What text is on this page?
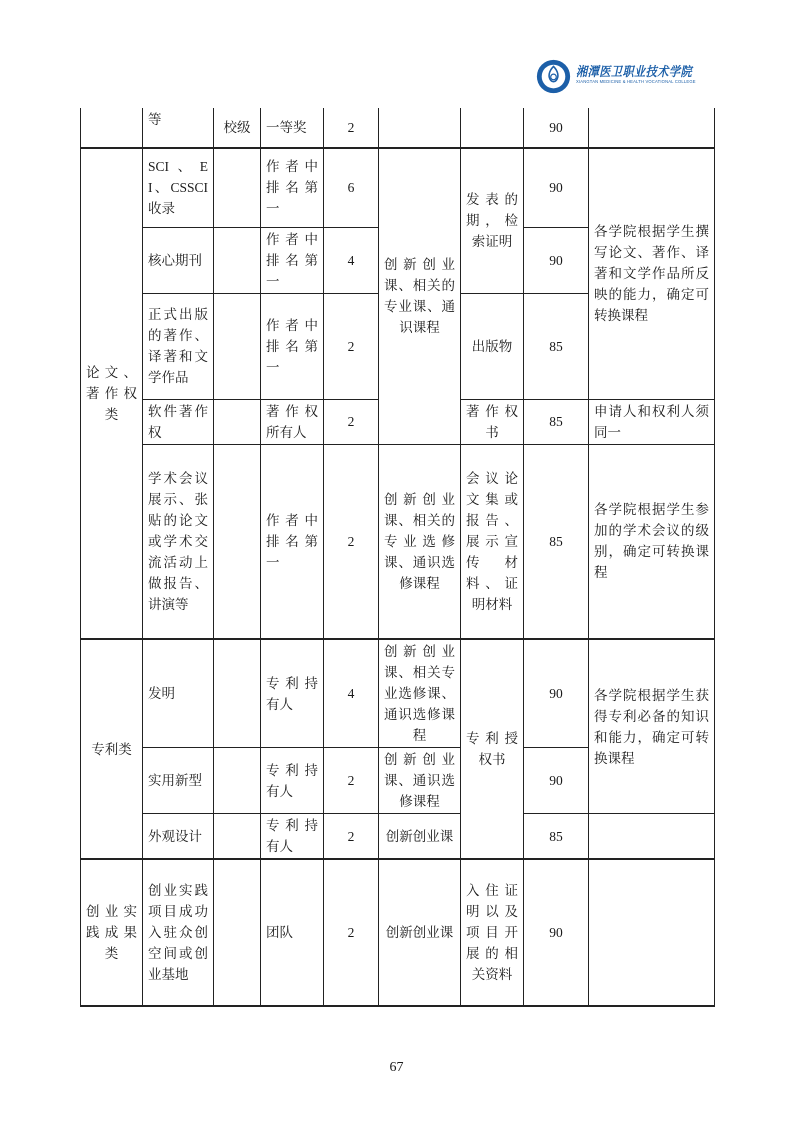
湘潭医卫职业技术学院
XIANGTAN MEDICINE & HEALTH VOCATIONAL COLLEGE
	等	校级	一等奖	2			90	
论文、著作权类	SCI、EI、CSSCI收录		作者中排名第一	6	创新创业课、相关的专业课、通识课程	发表的期，检索证明	90	各学院根据学生撰写论文、著作、译著和文学作品所反映的能力，确定可转换课程
	核心期刊		作者中排名第一	4			90	
	正式出版的著作、译著和文学作品		作者中排名第一	2		出版物	85	
	软件著作权		著作权所有人	2		著作权书	85	申请人和权利人须同一
	学术会议展示、张贴的论文或学术交流活动上做报告、讲演等		作者中排名第一	2	创新创业课、相关的专业选修课、通识选修课程	会议论文集或报告、展示宣传材料、证明材料	85	各学院根据学生参加的学术会议的级别，确定可转换课程
专利类	发明		专利持有人	4	创新创业课、相关专业选修课、通识选修课程	专利授权书	90	各学院根据学生获得专利必备的知识和能力，确定可转换课程
	实用新型		专利持有人	2	创新创业课、通识选修课程		90	
	外观设计		专利持有人	2	创新创业课		85	
创业实践成果类	创业实践项目成功入驻众创空间或创业基地		团队	2	创新创业课	入住证明以及项目开展的相关资料	90	
67
